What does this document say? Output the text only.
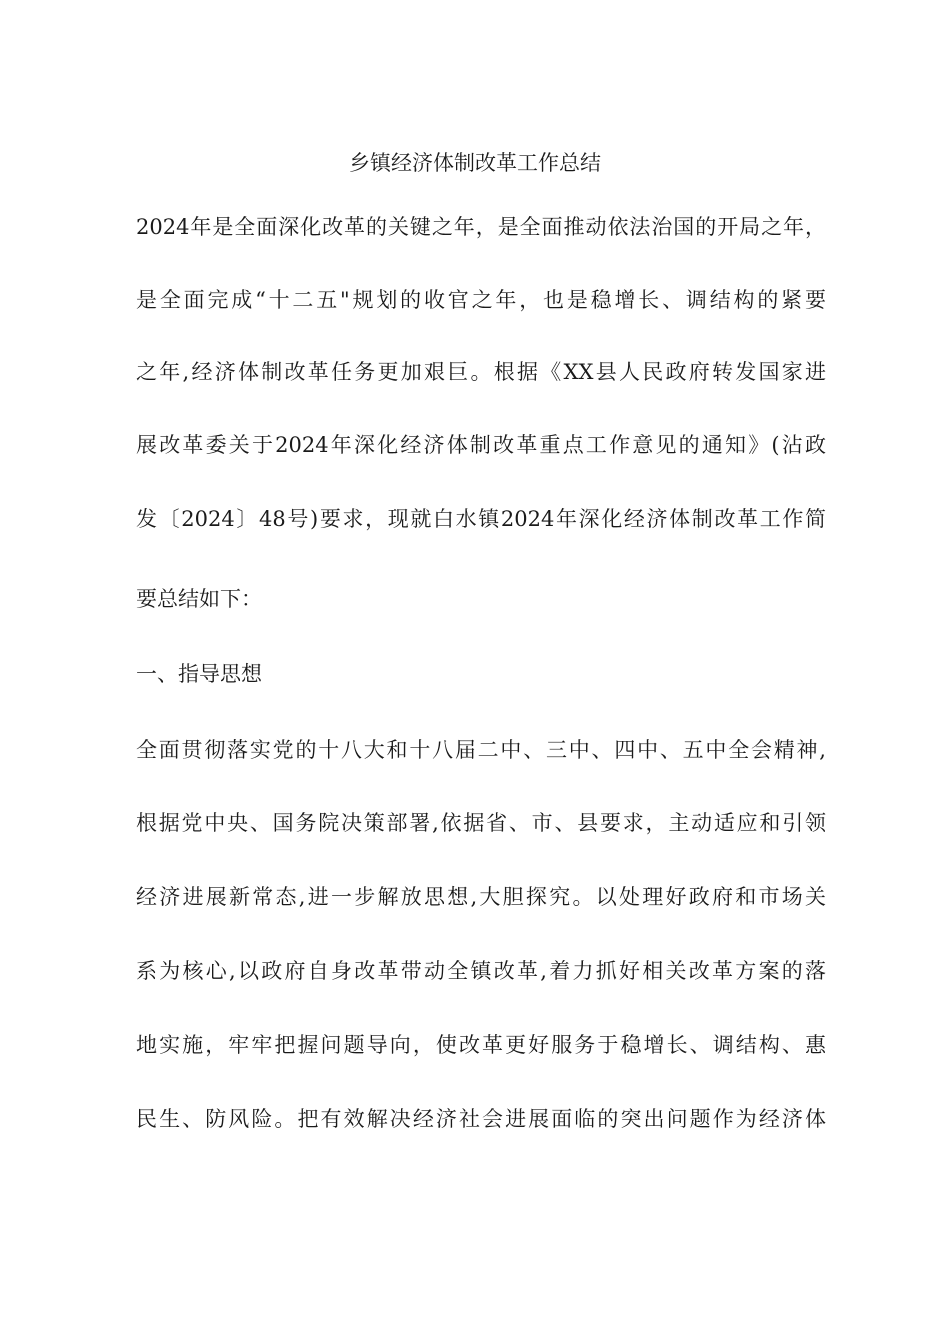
乡镇经济体制改革工作总结
2024年是全面深化改革的关键之年，是全面推动依法治国的开局之年，
是全面完成“十二五"规划的收官之年，也是稳增长、调结构的紧要
之年,经济体制改革任务更加艰巨。根据《XX县人民政府转发国家进
展改革委关于2024年深化经济体制改革重点工作意见的通知》(沾政
发〔2024〕48号)要求，现就白水镇2024年深化经济体制改革工作简
要总结如下：
一、指导思想
全面贯彻落实党的十八大和十八届二中、三中、四中、五中全会精神,
根据党中央、国务院决策部署,依据省、市、县要求，主动适应和引领
经济进展新常态,进一步解放思想,大胆探究。以处理好政府和市场关
系为核心,以政府自身改革带动全镇改革,着力抓好相关改革方案的落
地实施，牢牢把握问题导向，使改革更好服务于稳增长、调结构、惠
民生、防风险。把有效解决经济社会进展面临的突出问题作为经济体
